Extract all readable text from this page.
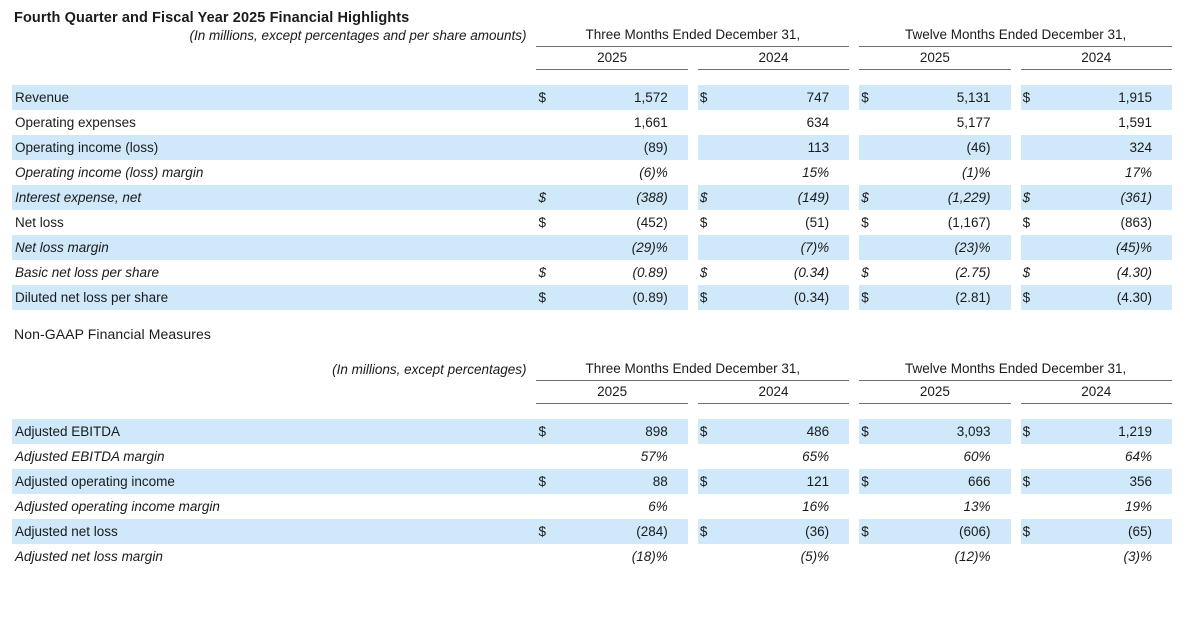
Fourth Quarter and Fiscal Year 2025 Financial Highlights
(In millions, except percentages and per share amounts)	Three Months Ended December 31,						Twelve Months Ended December 31,				
	2025			2024			2025			2024	

Revenue	$	1,572		$	747		$	5,131		$	1,915
Operating expenses		1,661			634			5,177			1,591
Operating income (loss)		(89)			113			(46)			324
Operating income (loss) margin		(6)%			15%			(1)%			17%
Interest expense, net	$	(388)		$	(149)		$	(1,229)		$	(361)
Net loss	$	(452)		$	(51)		$	(1,167)		$	(863)
Net loss margin		(29)%			(7)%			(23)%			(45)%
Basic net loss per share	$	(0.89)		$	(0.34)		$	(2.75)		$	(4.30)
Diluted net loss per share	$	(0.89)		$	(0.34)		$	(2.81)		$	(4.30)
Non-GAAP Financial Measures
(In millions, except percentages)	Three Months Ended December 31,						Twelve Months Ended December 31,				
	2025			2024			2025			2024	

Adjusted EBITDA	$	898		$	486		$	3,093		$	1,219
Adjusted EBITDA margin		57%			65%			60%			64%
Adjusted operating income	$	88		$	121		$	666		$	356
Adjusted operating income margin		6%			16%			13%			19%
Adjusted net loss	$	(284)		$	(36)		$	(606)		$	(65)
Adjusted net loss margin		(18)%			(5)%			(12)%			(3)%
